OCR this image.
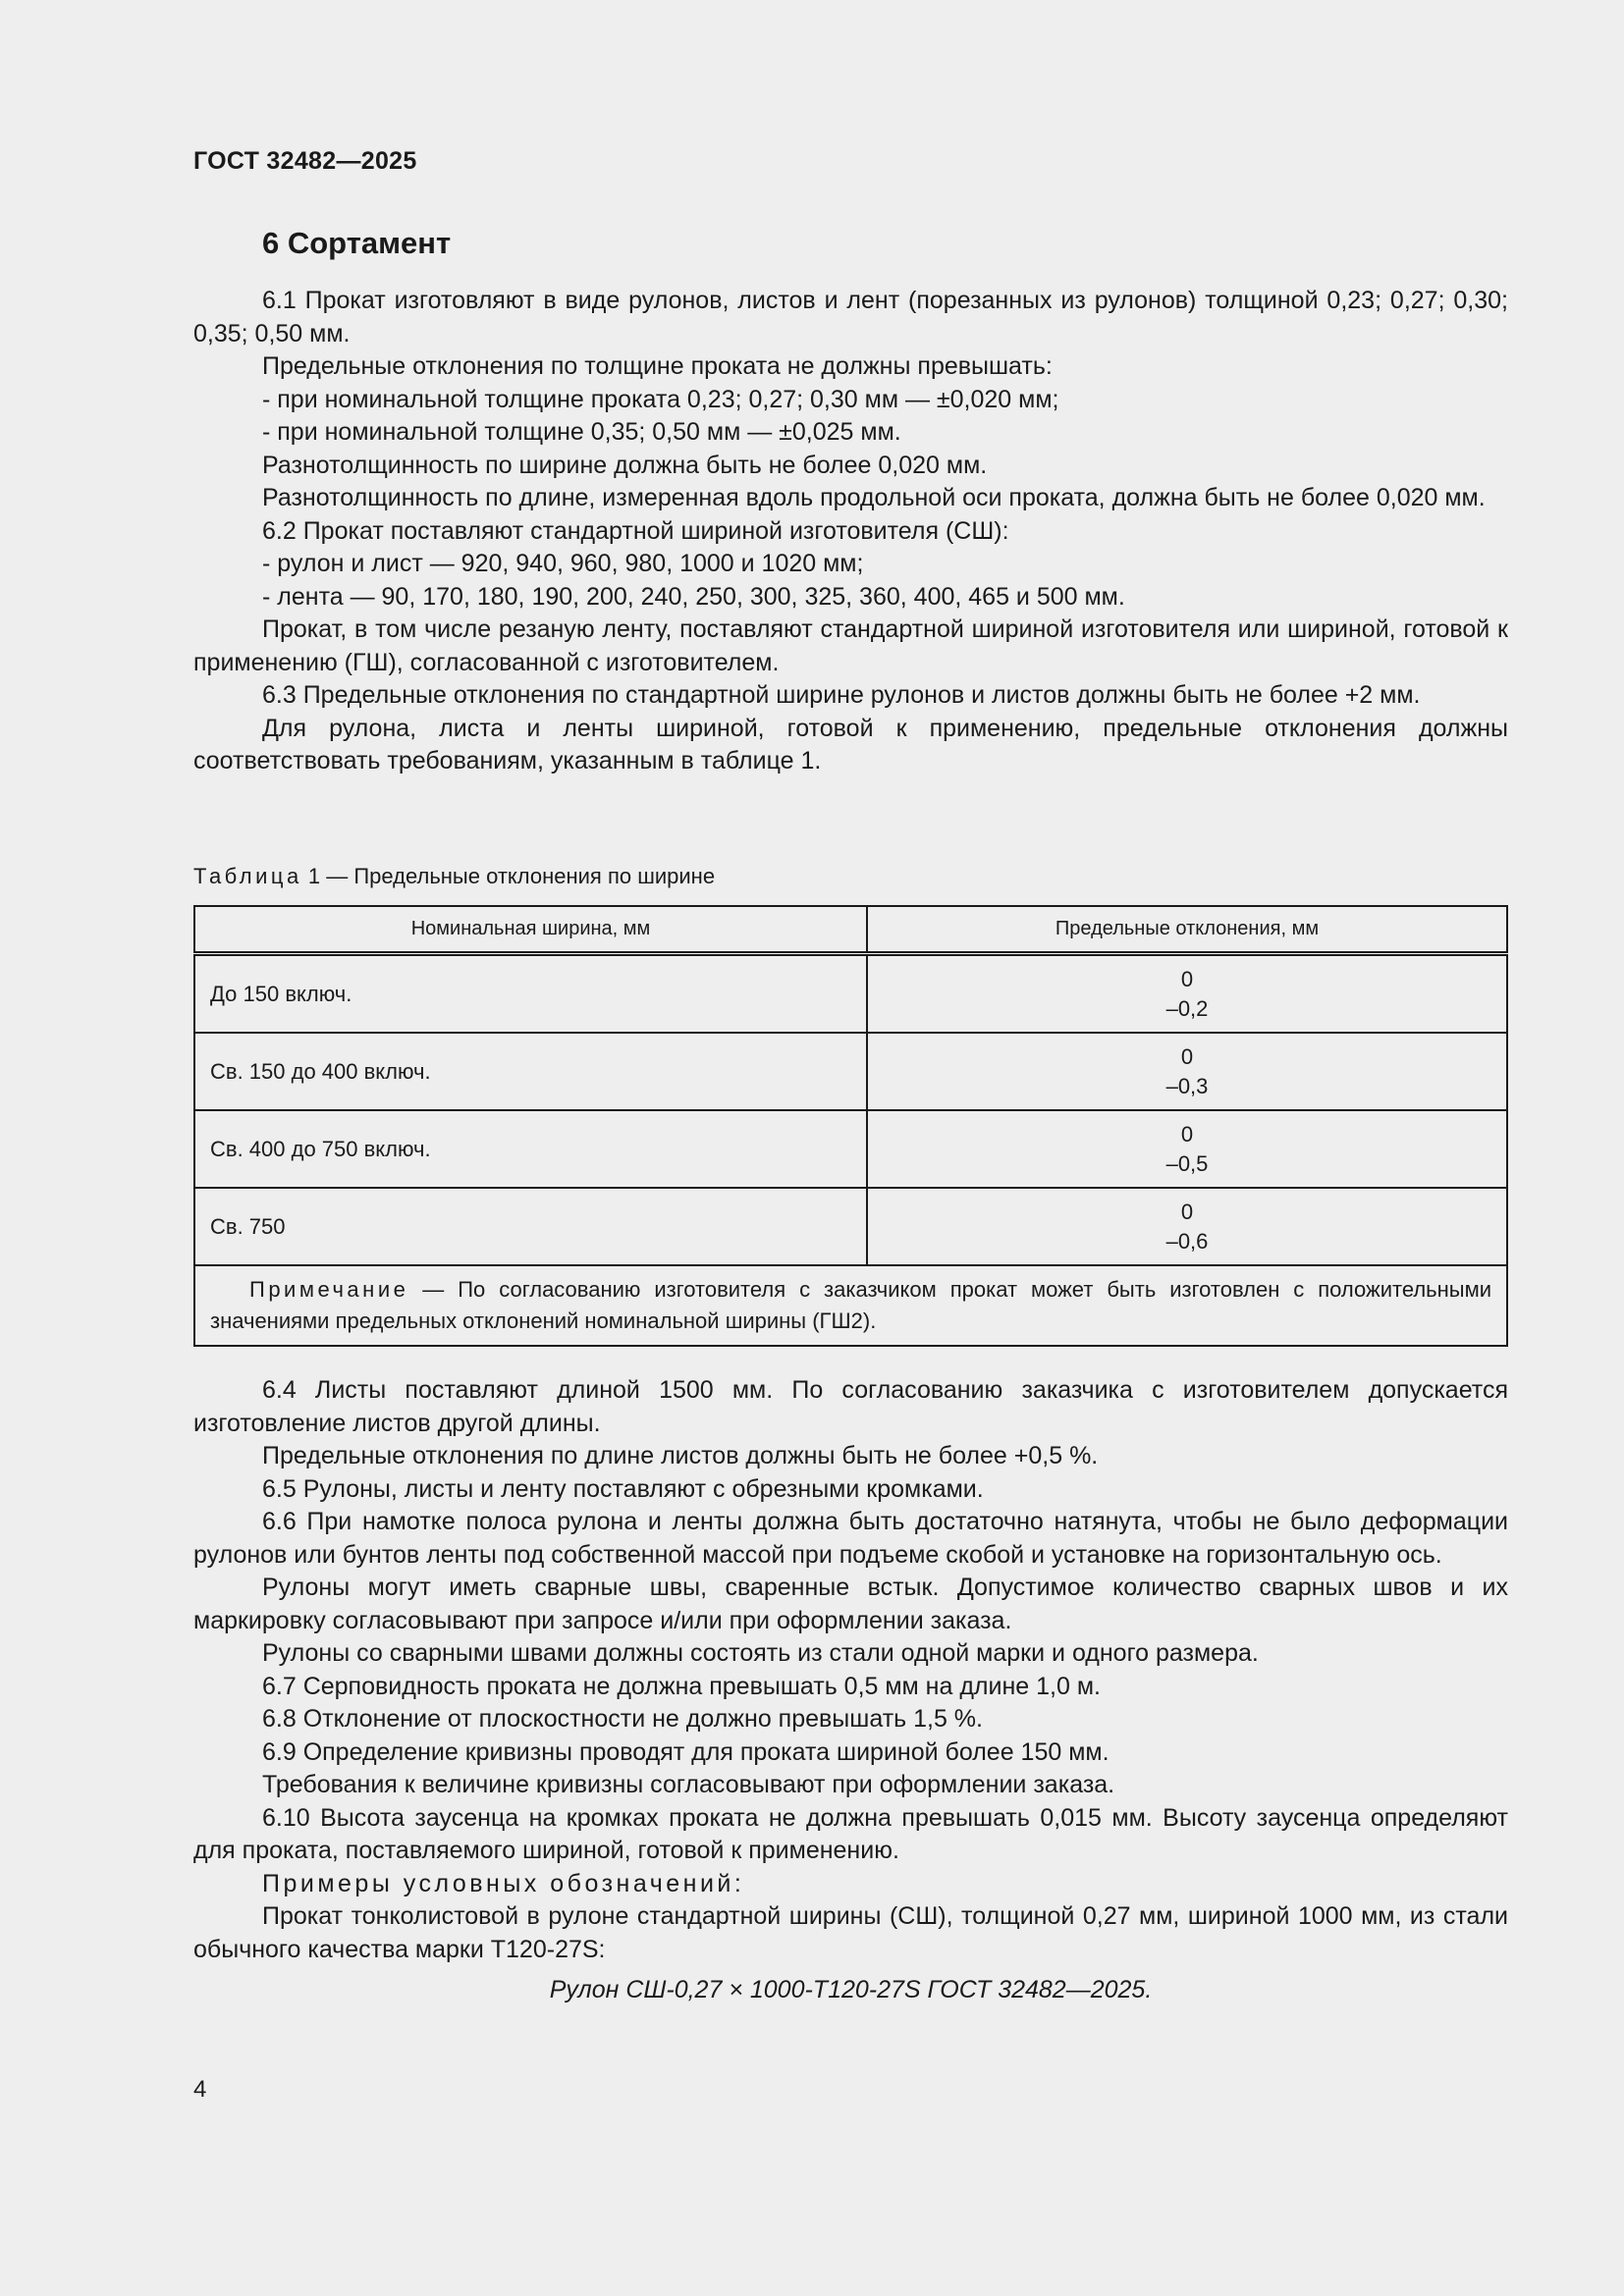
ГОСТ 32482—2025
6 Сортамент

6.1 Прокат изготовляют в виде рулонов, листов и лент (порезанных из рулонов) толщиной 0,23; 0,27; 0,30; 0,35; 0,50 мм.

Предельные отклонения по толщине проката не должны превышать:

- при номинальной толщине проката 0,23; 0,27; 0,30 мм — ±0,020 мм;

- при номинальной толщине 0,35; 0,50 мм — ±0,025 мм.

Разнотолщинность по ширине должна быть не более 0,020 мм.

Разнотолщинность по длине, измеренная вдоль продольной оси проката, должна быть не более 0,020 мм.

6.2 Прокат поставляют стандартной шириной изготовителя (СШ):

- рулон и лист — 920, 940, 960, 980, 1000 и 1020 мм;

- лента — 90, 170, 180, 190, 200, 240, 250, 300, 325, 360, 400, 465 и 500 мм.

Прокат, в том числе резаную ленту, поставляют стандартной шириной изготовителя или шириной, готовой к применению (ГШ), согласованной с изготовителем.

6.3 Предельные отклонения по стандартной ширине рулонов и листов должны быть не более +2 мм.

Для рулона, листа и ленты шириной, готовой к применению, предельные отклонения должны соответствовать требованиям, указанным в таблице 1.

Таблица 1 — Предельные отклонения по ширине
Номинальная ширина, мм	Предельные отклонения, мм
До 150 включ.	0
–0,2

Св. 150 до 400 включ.	0
–0,3

Св. 400 до 750 включ.	0
–0,5

Св. 750	0
–0,6

Примечание — По согласованию изготовителя с заказчиком прокат может быть изготовлен с положительными значениями предельных отклонений номинальной ширины (ГШ2).	

6.4 Листы поставляют длиной 1500 мм. По согласованию заказчика с изготовителем допускается изготовление листов другой длины.

Предельные отклонения по длине листов должны быть не более +0,5 %.

6.5 Рулоны, листы и ленту поставляют с обрезными кромками.

6.6 При намотке полоса рулона и ленты должна быть достаточно натянута, чтобы не было деформации рулонов или бунтов ленты под собственной массой при подъеме скобой и установке на горизонтальную ось.

Рулоны могут иметь сварные швы, сваренные встык. Допустимое количество сварных швов и их маркировку согласовывают при запросе и/или при оформлении заказа.

Рулоны со сварными швами должны состоять из стали одной марки и одного размера.

6.7 Серповидность проката не должна превышать 0,5 мм на длине 1,0 м.

6.8 Отклонение от плоскостности не должно превышать 1,5 %.

6.9 Определение кривизны проводят для проката шириной более 150 мм.

Требования к величине кривизны согласовывают при оформлении заказа.

6.10 Высота заусенца на кромках проката не должна превышать 0,015 мм. Высоту заусенца определяют для проката, поставляемого шириной, готовой к применению.

Примеры условных обозначений:

Прокат тонколистовой в рулоне стандартной ширины (СШ), толщиной 0,27 мм, шириной 1000 мм, из стали обычного качества марки Т120-27S:

Рулон СШ-0,27 × 1000-Т120-27S ГОСТ 32482—2025.

4
